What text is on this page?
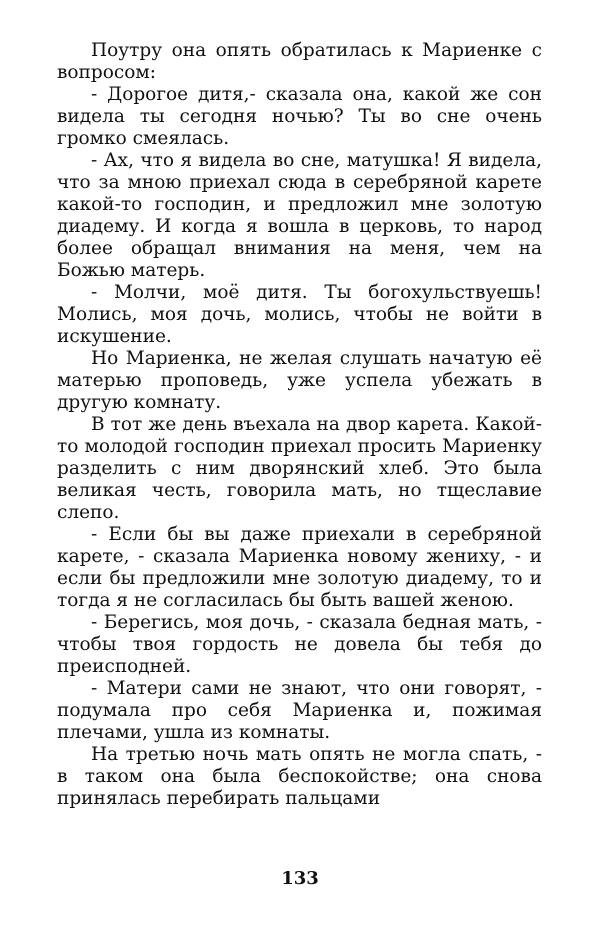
Поутру она опять обратилась к Мариенке с вопросом:

- Дорогое дитя,- сказала она, какой же сон видела ты сегодня ночью? Ты во сне очень громко смеялась.

- Ах, что я видела во сне, матушка! Я видела, что за мною приехал сюда в серебряной карете какой-то господин, и предложил мне золотую диадему. И когда я вошла в церковь, то народ более обращал внимания на меня, чем на Божью матерь.

- Молчи, моё дитя. Ты богохульствуешь! Молись, моя дочь, молись, чтобы не войти в искушение.

Но Мариенка, не желая слушать начатую её матерью проповедь, уже успела убежать в другую комнату.

В тот же день въехала на двор карета. Какой-то молодой господин приехал просить Мариенку разделить с ним дворянский хлеб. Это была великая честь, говорила мать, но тщеславие слепо.

- Если бы вы даже приехали в серебряной карете, - сказала Мариенка новому жениху, - и если бы предложили мне золотую диадему, то и тогда я не согласилась бы быть вашей женою.

- Берегись, моя дочь, - сказала бедная мать, - чтобы твоя гордость не довела бы тебя до преисподней.

- Матери сами не знают, что они говорят, - подумала про себя Мариенка и, пожимая плечами, ушла из комнаты.

На третью ночь мать опять не могла спать, - в таком она была беспокойстве; она снова принялась перебирать пальцами

133
